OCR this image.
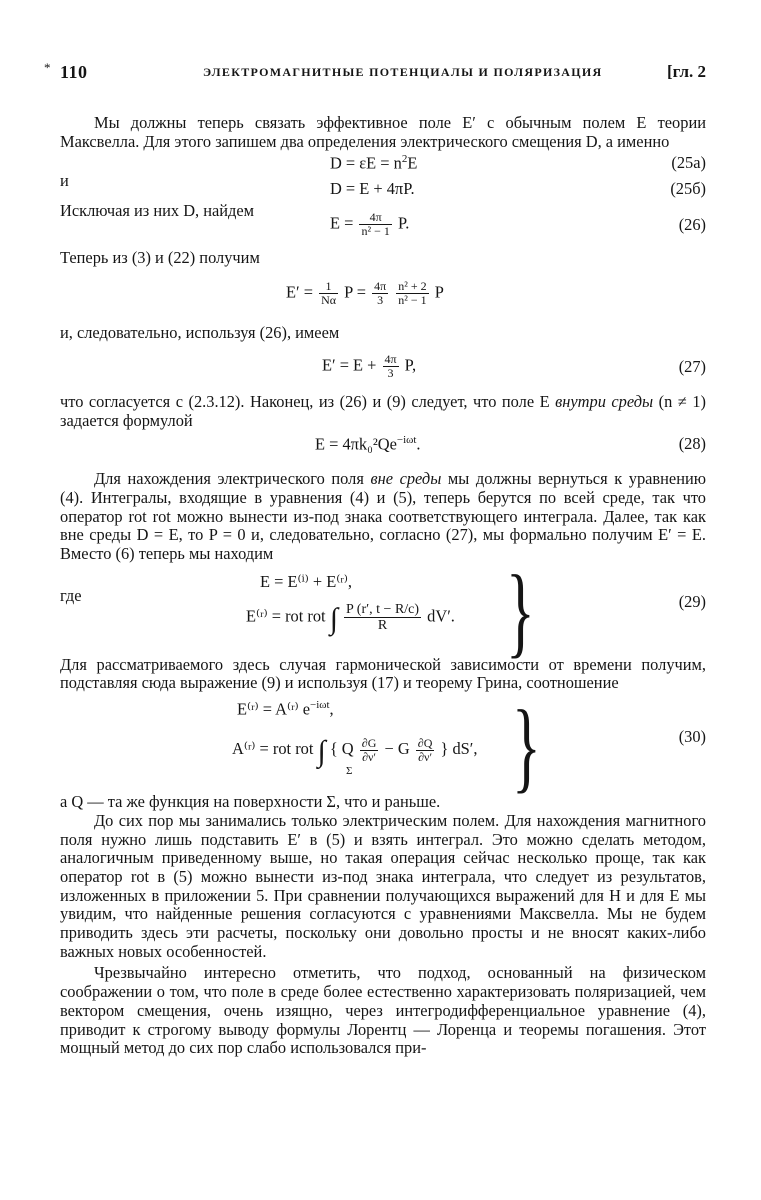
* 110	ЭЛЕКТРОМАГНИТНЫЕ ПОТЕНЦИАЛЫ И ПОЛЯРИЗАЦИЯ	[гл. 2

Мы должны теперь связать эффективное поле E′ с обычным полем E теории Максвелла. Для этого запишем два определения электрического смещения D, а именно

$D = \varepsilon E = n^2E$	(25а)
и	D = E + 4πP.	(25б)
Исключая из них D, найдем
$E = \frac{4\pi}{\text{n² − 1}} P$.	(26)

Теперь из (3) и (22) получим

$E' = \frac{1}{N\alpha}$ $P = \frac{4\pi}{3}$
$\frac{\text{n² + 2}}{\text{n² − 1}}$ P

и, следовательно, используя (26), имеем

$E' = E + \frac{4\pi}{3} P$,	(27)

что согласуется с (2.3.12). Наконец, из (26) и (9) следует, что поле E внутри среды (n ≠ 1) задается формулой

$E = 4\pi k_0^2Qe^{-i\omega t}$.	(28)

Для нахождения электрического поля вне среды мы должны вернуться к уравнению (4). Интегралы, входящие в уравнения (4) и (5), теперь берутся по всей среде, так что оператор rot rot можно вынести из-под знака соответствующего интеграла. Далее, так как вне среды D = E, то P = 0 и, следовательно, согласно (27), мы формально получим E′ = E. Вместо (6) теперь мы находим

E = E⁽ⁱ⁾ + E⁽ʳ⁾,
где
E⁽ʳ⁾ = rot rot ∫ $\frac{P (r', t - R/c)}{R} dV'$. }	(29)

Для рассматриваемого здесь случая гармонической зависимости от времени получим, подставляя сюда выражение (9) и используя (17) и теорему Грина, соотношение

E⁽ʳ⁾ = A⁽ʳ⁾ $e^{-i\omega t}$,
A⁽ʳ⁾ = rot rot ∫ { Q $\frac{\partial G}{\partial\nu'} - G \frac{\partial Q}{\partial\nu'}$ } dS′,
Σ	}	(30)

а Q — та же функция на поверхности Σ, что и раньше.

До сих пор мы занимались только электрическим полем. Для нахождения магнитного поля нужно лишь подставить E′ в (5) и взять интеграл. Это можно сделать методом, аналогичным приведенному выше, но такая операция сейчас несколько проще, так как оператор rot в (5) можно вынести из-под знака интеграла, что следует из результатов, изложенных в приложении 5. При сравнении получающихся выражений для H и для E мы увидим, что найденные решения согласуются с уравнениями Максвелла. Мы не будем приводить здесь эти расчеты, поскольку они довольно просты и не вносят каких-либо важных новых особенностей.

Чрезвычайно интересно отметить, что подход, основанный на физическом соображении о том, что поле в среде более естественно характеризовать поляризацией, чем вектором смещения, очень изящно, через интегродифференциальное уравнение (4), приводит к строгому выводу формулы Лорентц — Лоренца и теоремы погашения. Этот мощный метод до сих пор слабо использовался при-
